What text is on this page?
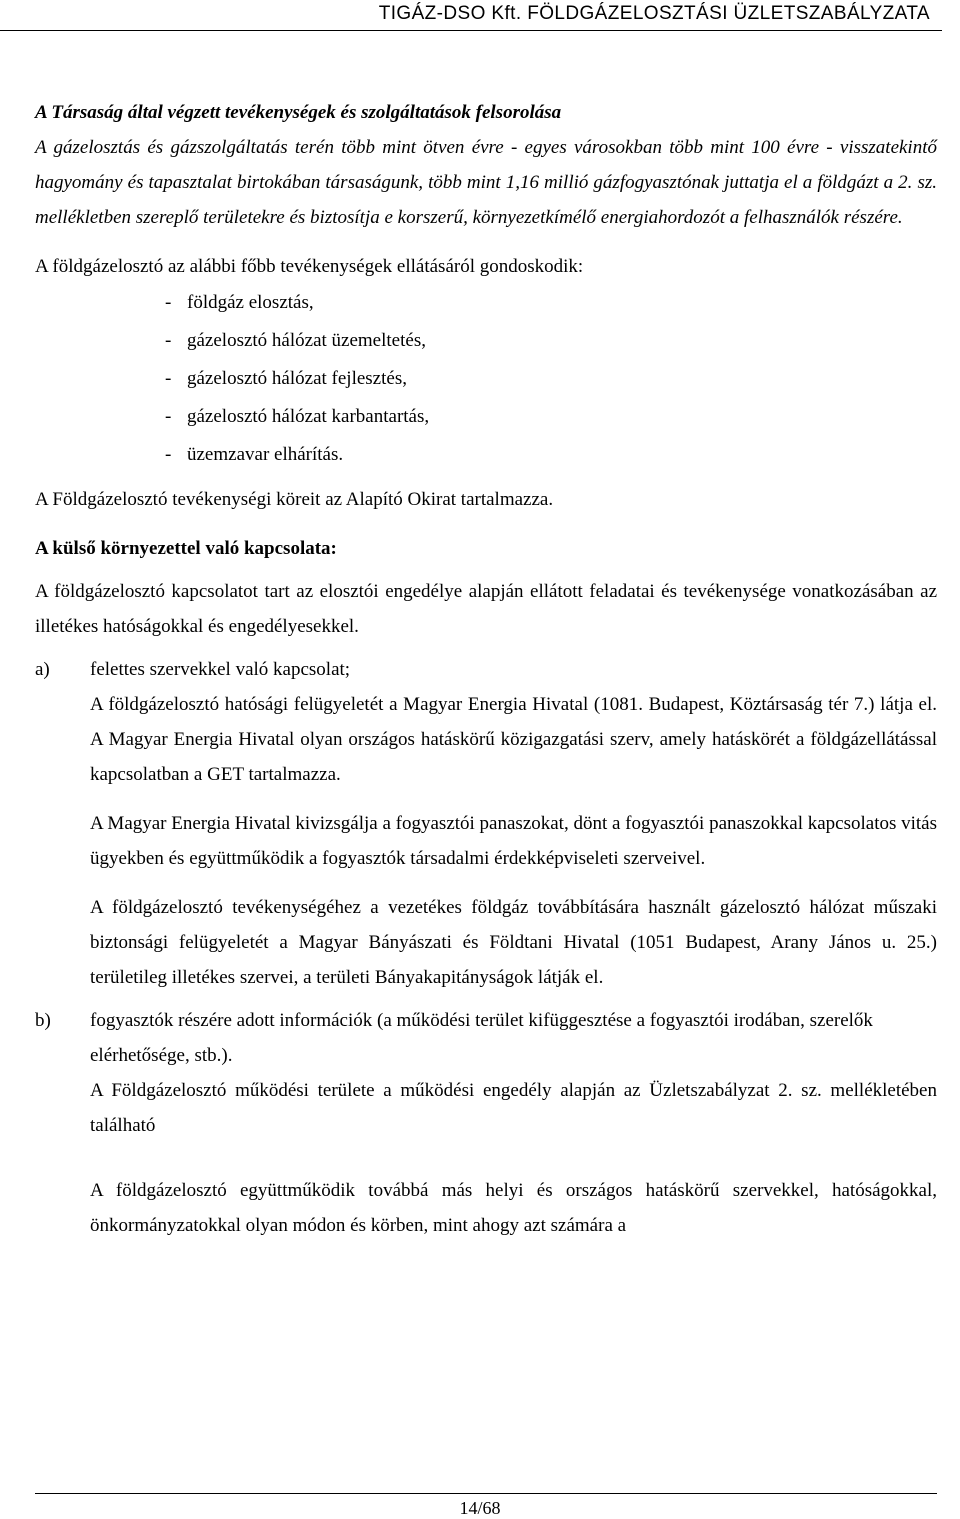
TIGÁZ-DSO Kft. FÖLDGÁZELOSZTÁSI ÜZLETSZABÁLYZATA

A Társaság által végzett tevékenységek és szolgáltatások felsorolása

A gázelosztás és gázszolgáltatás terén több mint ötven évre - egyes városokban több mint 100 évre - visszatekintő hagyomány és tapasztalat birtokában társaságunk, több mint 1,16 millió gázfogyasztónak juttatja el a földgázt a 2. sz. mellékletben szereplő területekre és biztosítja e korszerű, környezetkímélő energiahordozót a felhasználók részére.

A földgázelosztó az alábbi főbb tevékenységek ellátásáról gondoskodik:

- földgáz elosztás,
- gázelosztó hálózat üzemeltetés,
- gázelosztó hálózat fejlesztés,
- gázelosztó hálózat karbantartás,
- üzemzavar elhárítás.

A Földgázelosztó tevékenységi köreit az Alapító Okirat tartalmazza.

A külső környezettel való kapcsolata:

A földgázelosztó kapcsolatot tart az elosztói engedélye alapján ellátott feladatai és tevékenysége vonatkozásában az illetékes hatóságokkal és engedélyesekkel.

a)	felettes szervekkel való kapcsolat;

A földgázelosztó hatósági felügyeletét a Magyar Energia Hivatal (1081. Budapest, Köztársaság tér 7.) látja el. A Magyar Energia Hivatal olyan országos hatáskörű közigazgatási szerv, amely hatáskörét a földgázellátással kapcsolatban a GET tartalmazza.

A Magyar Energia Hivatal kivizsgálja a fogyasztói panaszokat, dönt a fogyasztói panaszokkal kapcsolatos vitás ügyekben és együttműködik a fogyasztók társadalmi érdekképviseleti szerveivel.

A földgázelosztó tevékenységéhez a vezetékes földgáz továbbítására használt gázelosztó hálózat műszaki biztonsági felügyeletét a Magyar Bányászati és Földtani Hivatal (1051 Budapest, Arany János u. 25.) területileg illetékes szervei, a területi Bányakapitányságok látják el.

b)	fogyasztók részére adott információk (a működési terület kifüggesztése a fogyasztói irodában, szerelők elérhetősége, stb.).

A Földgázelosztó működési területe a működési engedély alapján az Üzletszabályzat 2. sz. mellékletében található

A földgázelosztó együttműködik továbbá más helyi és országos hatáskörű szervekkel, hatóságokkal, önkormányzatokkal olyan módon és körben, mint ahogy azt számára a

14/68
